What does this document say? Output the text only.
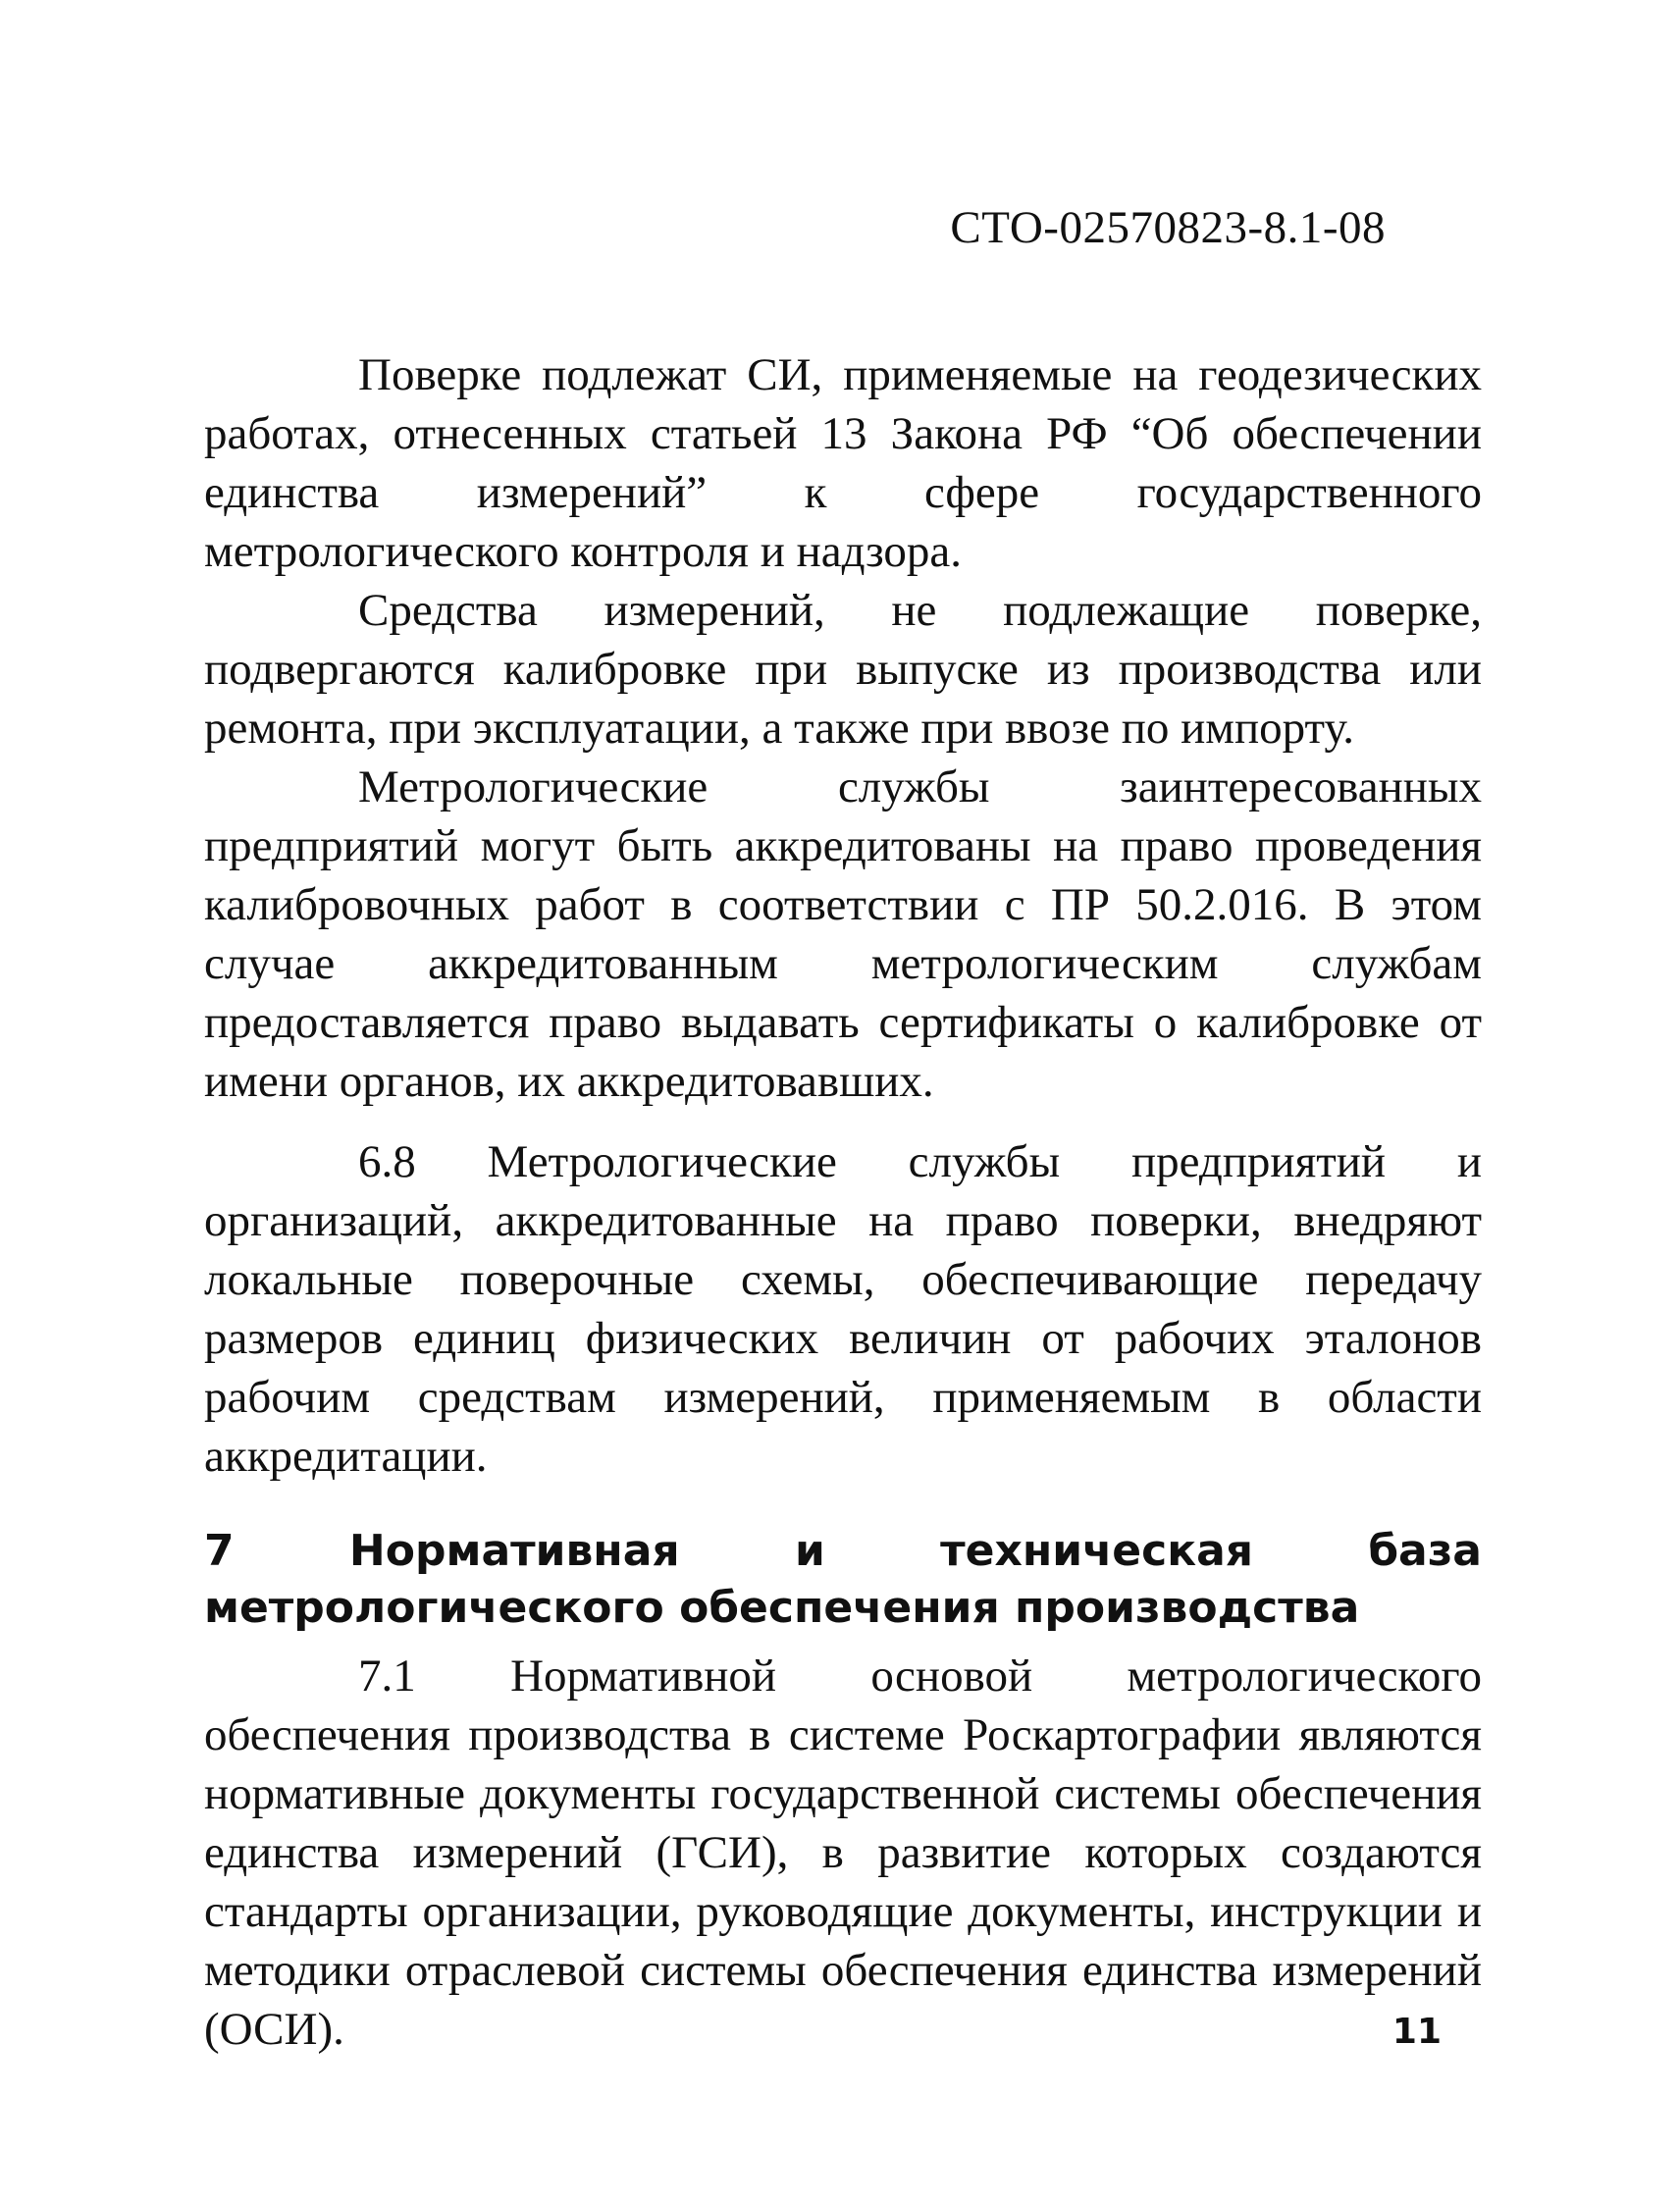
СТО-02570823-8.1-08

Поверке подлежат СИ, применяемые на геодезических работах, отнесенных статьей 13 Закона РФ “Об обеспечении единства измерений” к сфере государственного метрологического контроля и надзора.

Средства измерений, не подлежащие поверке, подвергаются калибровке при выпуске из производства или ремонта, при эксплуатации, а также при ввозе по импорту.

Метрологические службы заинтересованных предприятий могут быть аккредитованы на право проведения калибровочных работ в соответствии с ПР 50.2.016. В этом случае аккредитованным метрологическим службам предоставляется право выдавать сертификаты о калибровке от имени органов, их аккредитовавших.

6.8 Метрологические службы предприятий и организаций, аккредитованные на право поверки, внедряют локальные поверочные схемы, обеспечивающие передачу размеров единиц физических величин от рабочих эталонов рабочим средствам измерений, применяемым в области аккредитации.

7 Нормативная и техническая база метрологического обеспечения производства

7.1 Нормативной основой метрологического обеспечения производства в системе Роскартографии являются нормативные документы государственной системы обеспечения единства измерений (ГСИ), в развитие которых создаются стандарты организации, руководящие документы, инструкции и методики отраслевой системы обеспечения единства измерений (ОСИ).	11
